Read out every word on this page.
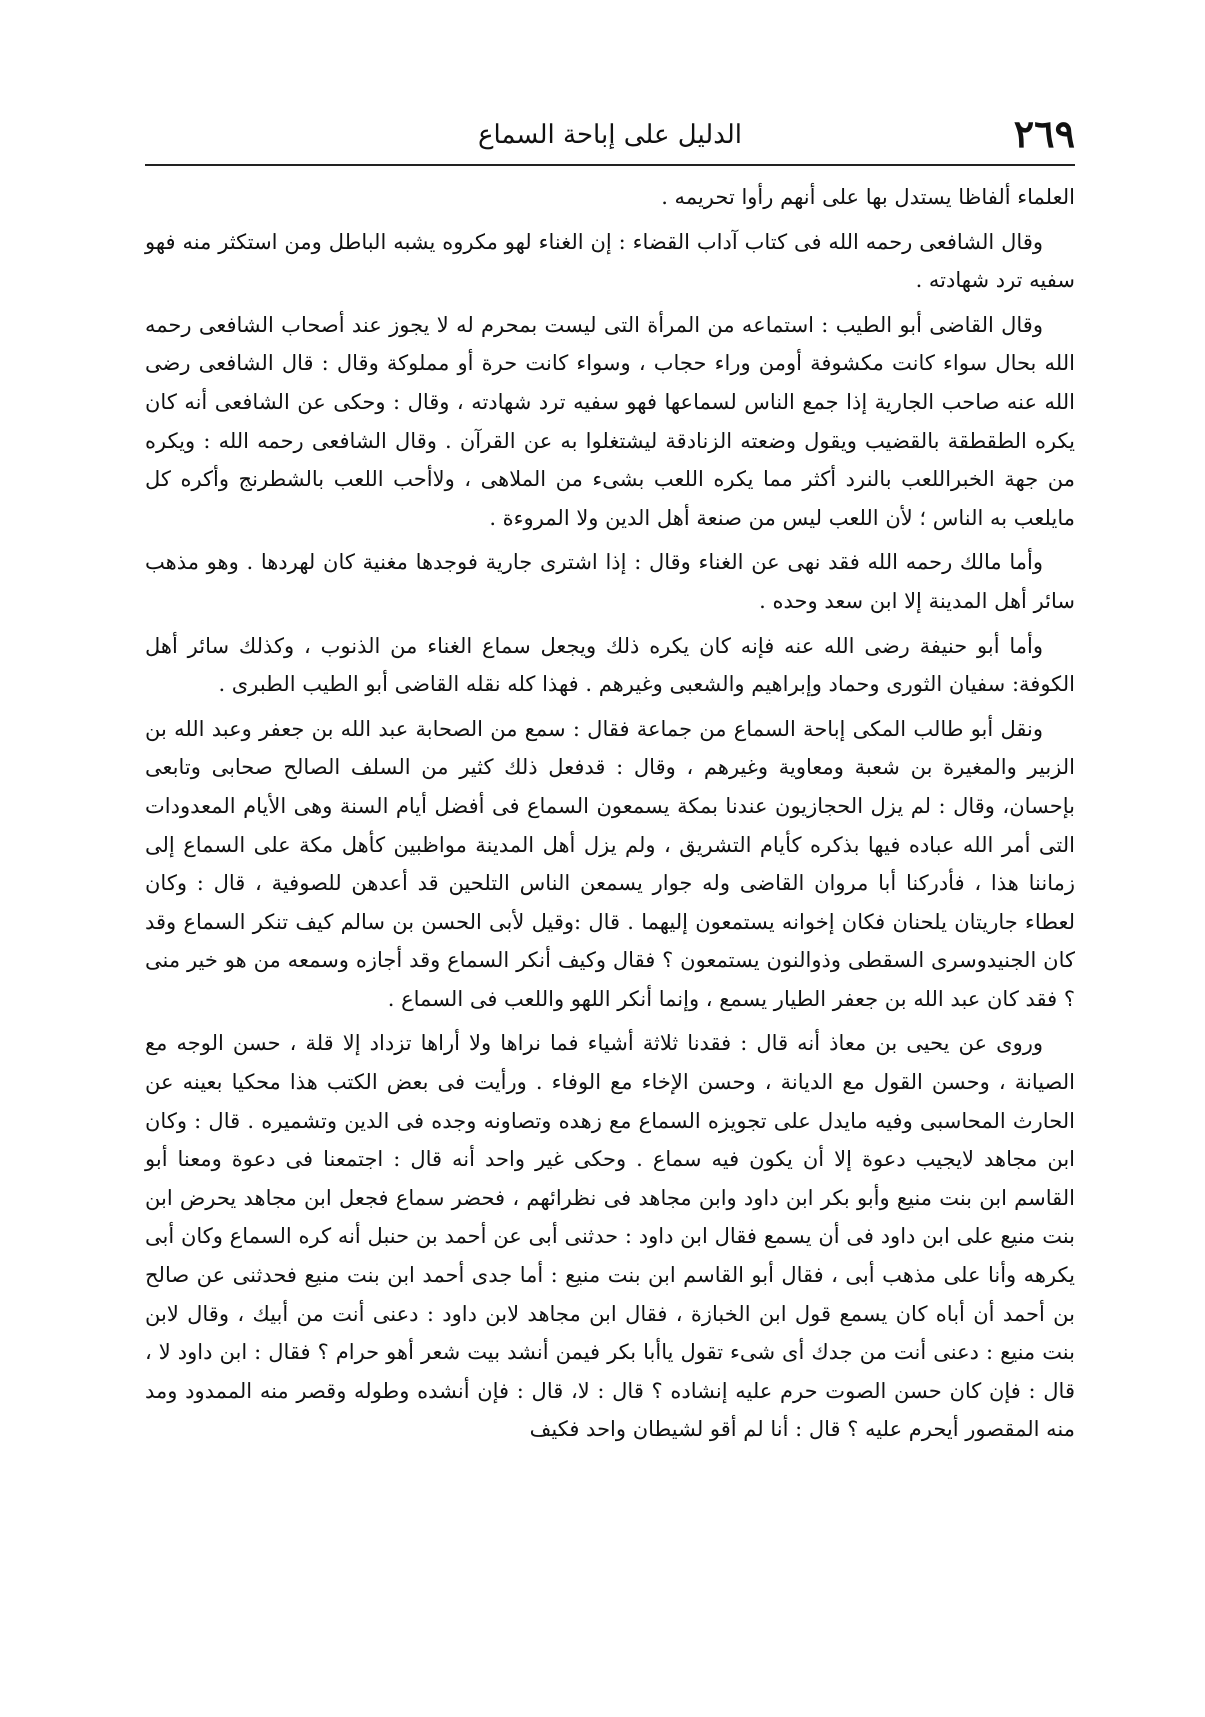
٢٦٩
الدليل على إباحة السماع

العلماء ألفاظا يستدل بها على أنهم رأوا تحريمه .

وقال الشافعى رحمه الله فى كتاب آداب القضاء : إن الغناء لهو مكروه يشبه الباطل ومن استكثر منه فهو سفيه ترد شهادته .

وقال القاضى أبو الطيب : استماعه من المرأة التى ليست بمحرم له لا يجوز عند أصحاب الشافعى رحمه الله بحال سواء كانت مكشوفة أومن وراء حجاب ، وسواء كانت حرة أو مملوكة وقال : قال الشافعى رضى الله عنه صاحب الجارية إذا جمع الناس لسماعها فهو سفيه ترد شهادته ، وقال : وحكى عن الشافعى أنه كان يكره الطقطقة بالقضيب ويقول وضعته الزنادقة ليشتغلوا به عن القرآن . وقال الشافعى رحمه الله : ويكره من جهة الخبراللعب بالنرد أكثر مما يكره اللعب بشىء من الملاهى ، ولاأحب اللعب بالشطرنج وأكره كل مايلعب به الناس ؛ لأن اللعب ليس من صنعة أهل الدين ولا المروءة .

وأما مالك رحمه الله فقد نهى عن الغناء وقال : إذا اشترى جارية فوجدها مغنية كان لهردها . وهو مذهب سائر أهل المدينة إلا ابن سعد وحده .

وأما أبو حنيفة رضى الله عنه فإنه كان يكره ذلك ويجعل سماع الغناء من الذنوب ، وكذلك سائر أهل الكوفة: سفيان الثورى وحماد وإبراهيم والشعبى وغيرهم . فهذا كله نقله القاضى أبو الطيب الطبرى .

ونقل أبو طالب المكى إباحة السماع من جماعة فقال : سمع من الصحابة عبد الله بن جعفر وعبد الله بن الزبير والمغيرة بن شعبة ومعاوية وغيرهم ، وقال : قدفعل ذلك كثير من السلف الصالح صحابى وتابعى بإحسان، وقال : لم يزل الحجازيون عندنا بمكة يسمعون السماع فى أفضل أيام السنة وهى الأيام المعدودات التى أمر الله عباده فيها بذكره كأيام التشريق ، ولم يزل أهل المدينة مواظبين كأهل مكة على السماع إلى زماننا هذا ، فأدركنا أبا مروان القاضى وله جوار يسمعن الناس التلحين قد أعدهن للصوفية ، قال : وكان لعطاء جاريتان يلحنان فكان إخوانه يستمعون إليهما . قال :وقيل لأبى الحسن بن سالم كيف تنكر السماع وقد كان الجنيدوسرى السقطى وذوالنون يستمعون ؟ فقال وكيف أنكر السماع وقد أجازه وسمعه من هو خير منى ؟ فقد كان عبد الله بن جعفر الطيار يسمع ، وإنما أنكر اللهو واللعب فى السماع .

وروى عن يحيى بن معاذ أنه قال : فقدنا ثلاثة أشياء فما نراها ولا أراها تزداد إلا قلة ، حسن الوجه مع الصيانة ، وحسن القول مع الديانة ، وحسن الإخاء مع الوفاء . ورأيت فى بعض الكتب هذا محكيا بعينه عن الحارث المحاسبى وفيه مايدل على تجويزه السماع مع زهده وتصاونه وجده فى الدين وتشميره . قال : وكان ابن مجاهد لايجيب دعوة إلا أن يكون فيه سماع . وحكى غير واحد أنه قال : اجتمعنا فى دعوة ومعنا أبو القاسم ابن بنت منيع وأبو بكر ابن داود وابن مجاهد فى نظرائهم ، فحضر سماع فجعل ابن مجاهد يحرض ابن بنت منيع على ابن داود فى أن يسمع فقال ابن داود : حدثنى أبى عن أحمد بن حنبل أنه كره السماع وكان أبى يكرهه وأنا على مذهب أبى ، فقال أبو القاسم ابن بنت منيع : أما جدى أحمد ابن بنت منيع فحدثنى عن صالح بن أحمد أن أباه كان يسمع قول ابن الخبازة ، فقال ابن مجاهد لابن داود : دعنى أنت من أبيك ، وقال لابن بنت منيع : دعنى أنت من جدك أى شىء تقول ياأبا بكر فيمن أنشد بيت شعر أهو حرام ؟ فقال : ابن داود لا ، قال : فإن كان حسن الصوت حرم عليه إنشاده ؟ قال : لا، قال : فإن أنشده وطوله وقصر منه الممدود ومد منه المقصور أيحرم عليه ؟ قال : أنا لم أقو لشيطان واحد فكيف
